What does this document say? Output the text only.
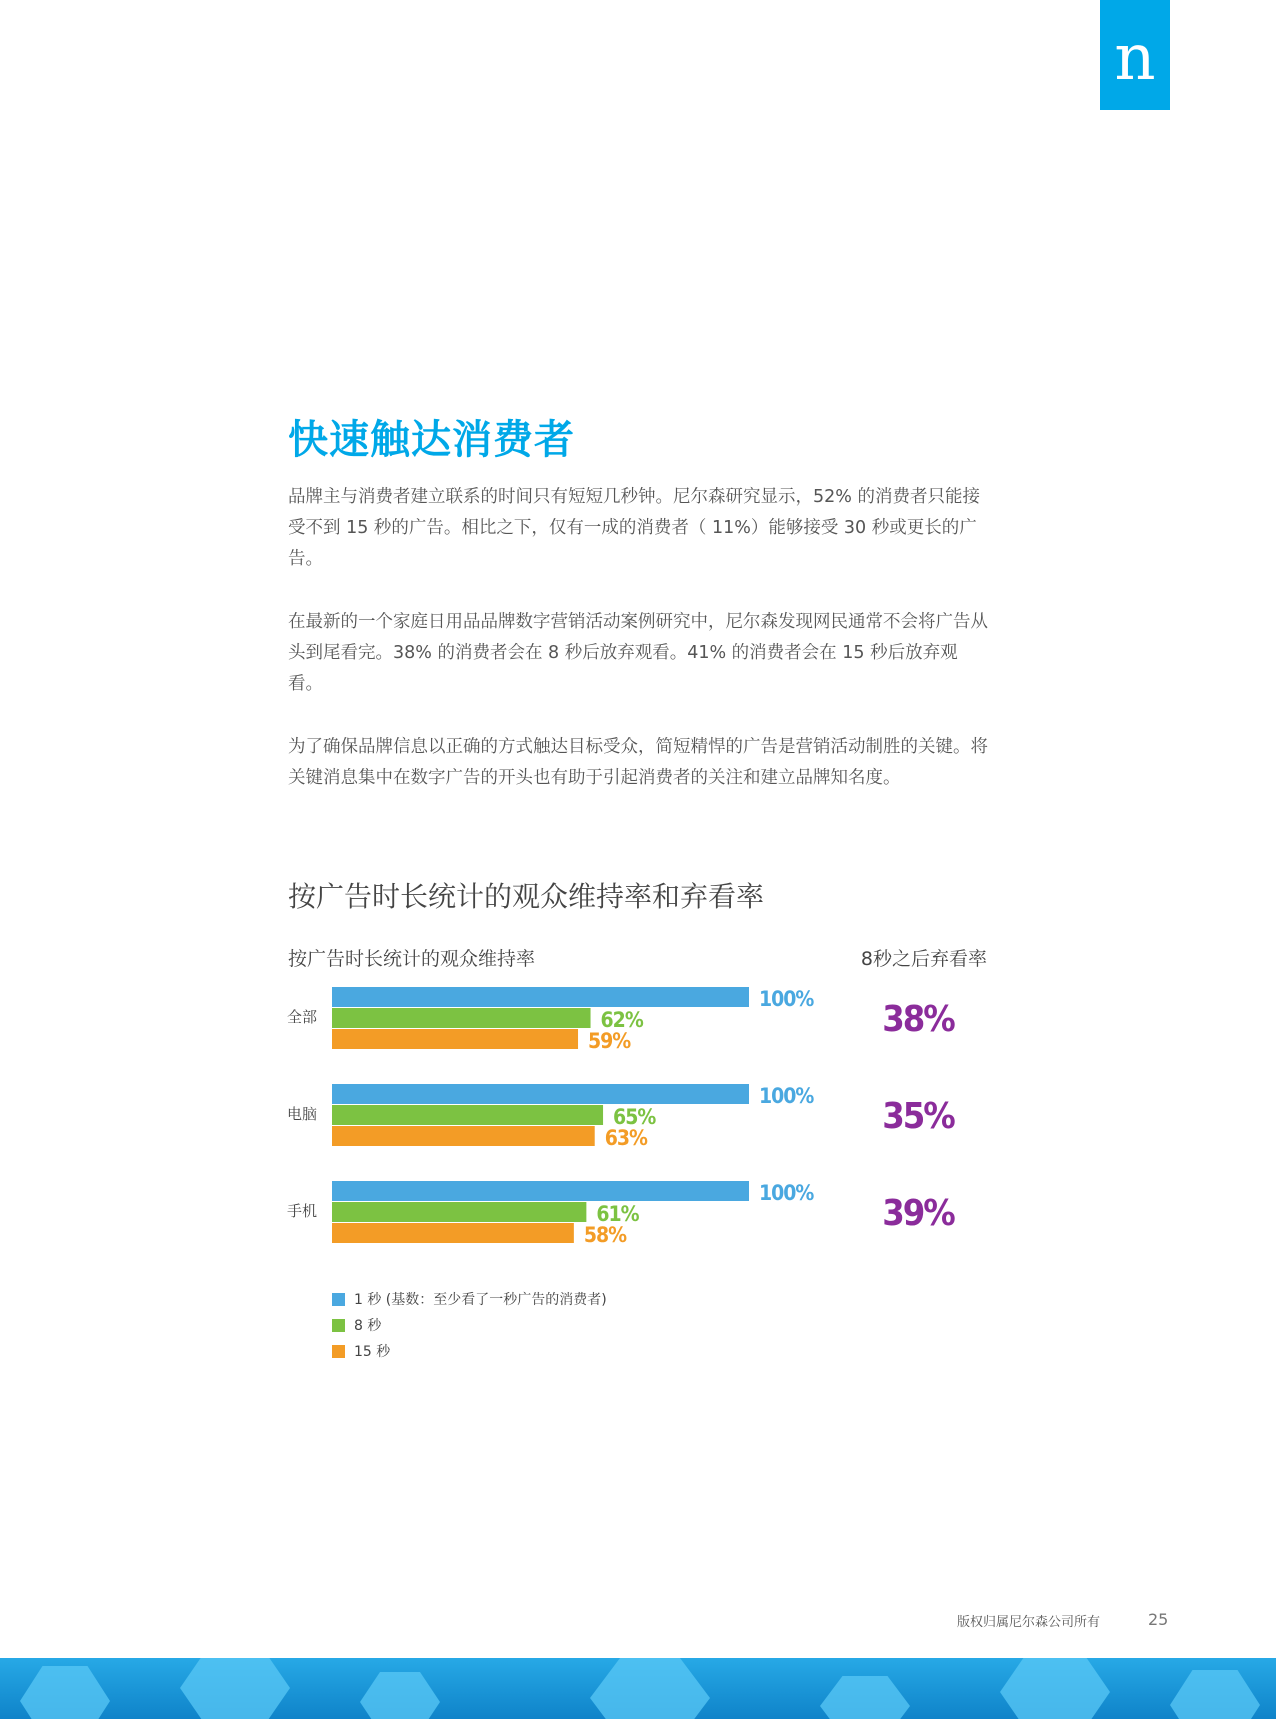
n
快速触达消费者

品牌主与消费者建立联系的时间只有短短几秒钟。尼尔森研究显示，52% 的消费者只能接受不到 15 秒的广告。相比之下，仅有一成的消费者（ 11%）能够接受 30 秒或更长的广告。

在最新的一个家庭日用品品牌数字营销活动案例研究中，尼尔森发现网民通常不会将广告从头到尾看完。38% 的消费者会在 8 秒后放弃观看。41% 的消费者会在 15 秒后放弃观看。

为了确保品牌信息以正确的方式触达目标受众，简短精悍的广告是营销活动制胜的关键。将关键消息集中在数字广告的开头也有助于引起消费者的关注和建立品牌知名度。

按广告时长统计的观众维持率和弃看率
按广告时长统计的观众维持率	8秒之后弃看率
全部
100%
62%
59%
38%
电脑
100%
65%
63%
35%
手机
100%
61%
58%
39%
1 秒 (基数：至少看了一秒广告的消费者)
8 秒
15 秒
版权归属尼尔森公司所有	25
